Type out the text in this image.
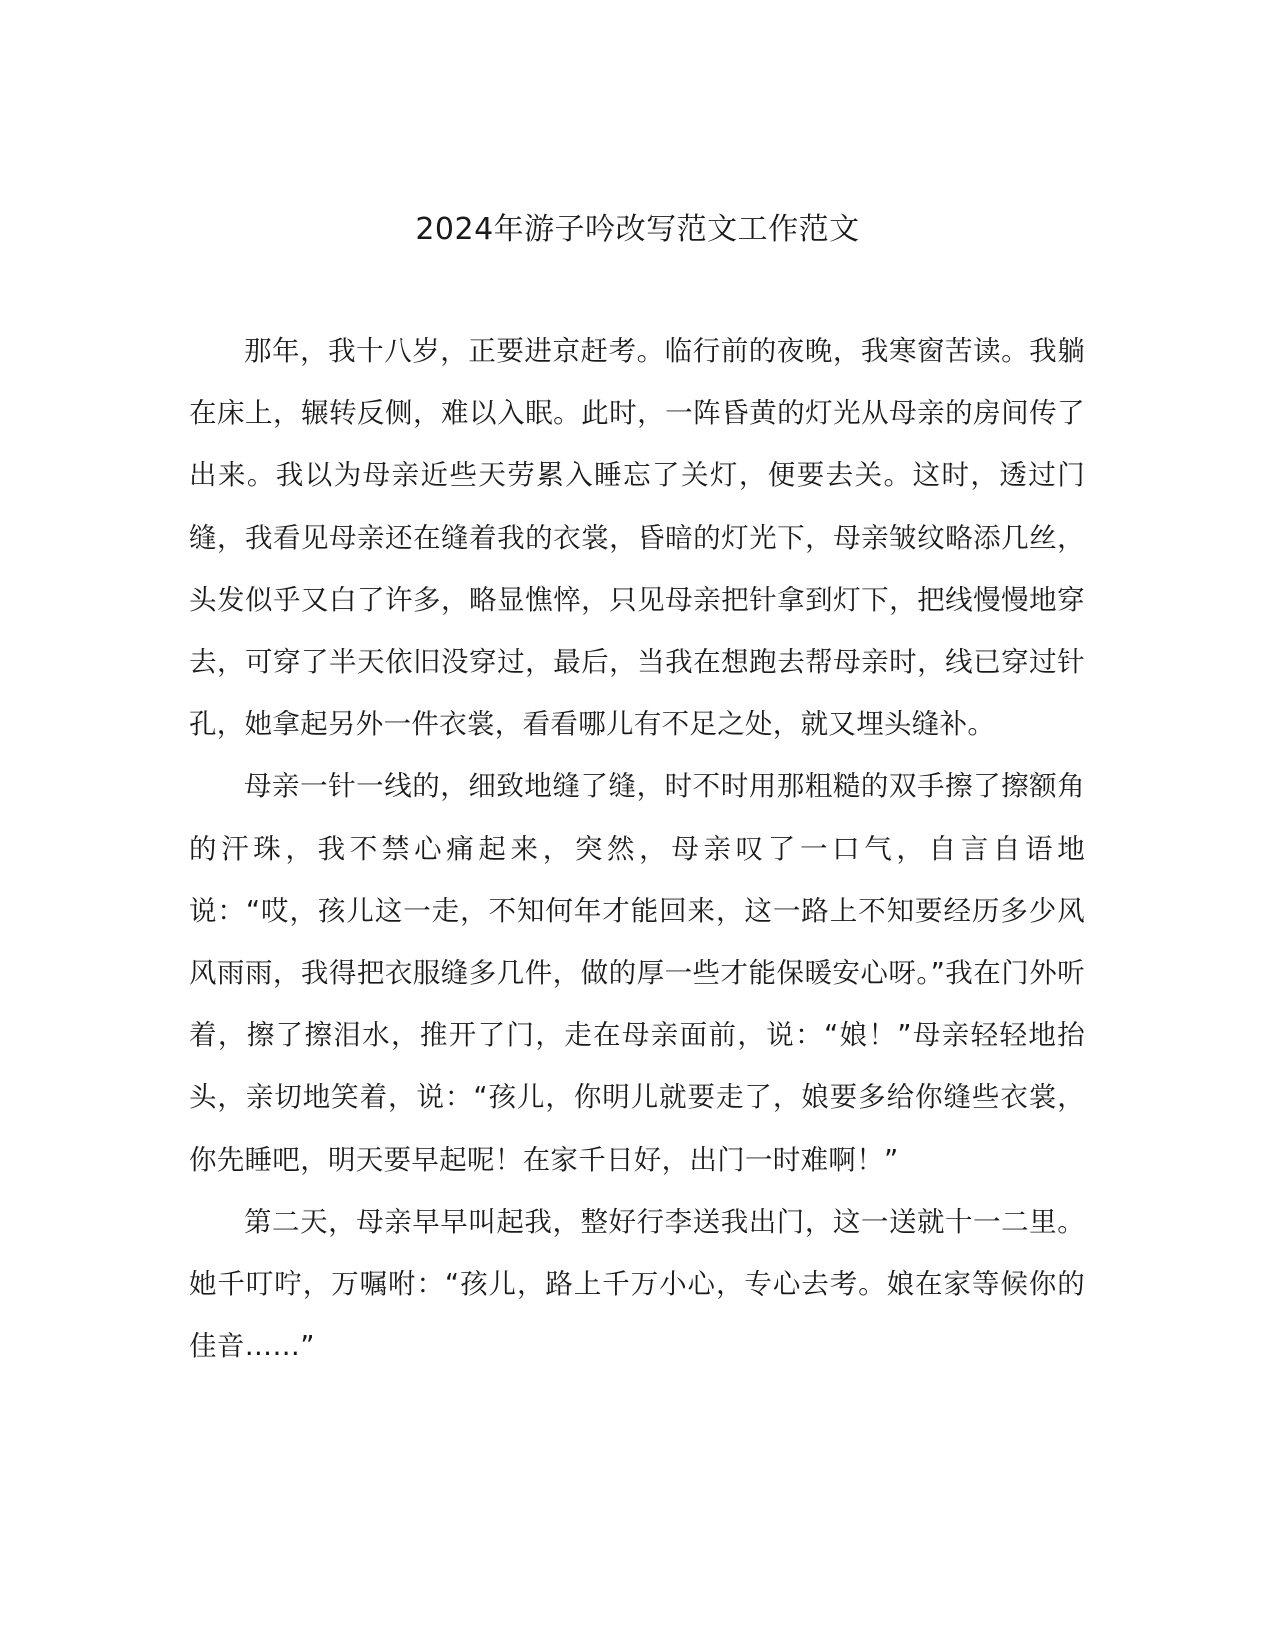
2024年游子吟改写范文工作范文

那年，我十八岁，正要进京赶考。临行前的夜晚，我寒窗苦读。我躺在床上，辗转反侧，难以入眠。此时，一阵昏黄的灯光从母亲的房间传了出来。我以为母亲近些天劳累入睡忘了关灯，便要去关。这时，透过门缝，我看见母亲还在缝着我的衣裳，昏暗的灯光下，母亲皱纹略添几丝，头发似乎又白了许多，略显憔悴，只见母亲把针拿到灯下，把线慢慢地穿去，可穿了半天依旧没穿过，最后，当我在想跑去帮母亲时，线已穿过针孔，她拿起另外一件衣裳，看看哪儿有不足之处，就又埋头缝补。

母亲一针一线的，细致地缝了缝，时不时用那粗糙的双手擦了擦额角的汗珠，我不禁心痛起来，突然，母亲叹了一口气，自言自语地说：“哎，孩儿这一走，不知何年才能回来，这一路上不知要经历多少风风雨雨，我得把衣服缝多几件，做的厚一些才能保暖安心呀。”我在门外听着，擦了擦泪水，推开了门，走在母亲面前，说：“娘！”母亲轻轻地抬头，亲切地笑着，说：“孩儿，你明儿就要走了，娘要多给你缝些衣裳，你先睡吧，明天要早起呢！在家千日好，出门一时难啊！”

第二天，母亲早早叫起我，整好行李送我出门，这一送就十一二里。她千叮咛，万嘱咐：“孩儿，路上千万小心，专心去考。娘在家等候你的佳音……”
